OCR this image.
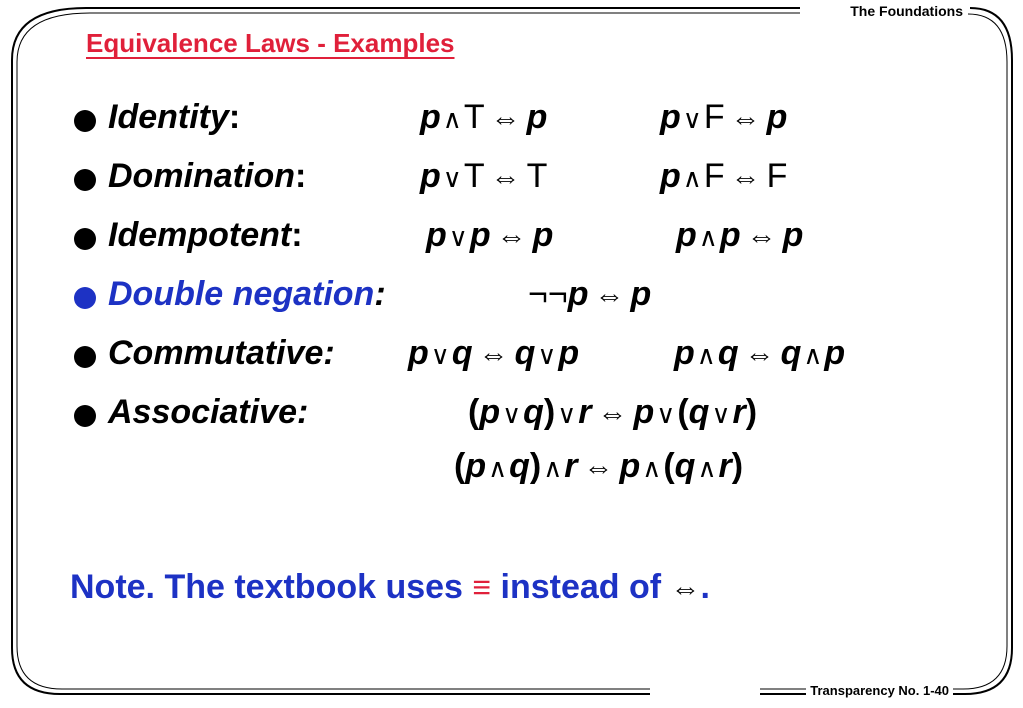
The Foundations
Equivalence Laws - Examples
Identity:	p∧T ⇔ p	p∨F ⇔ p
Domination:	p∨T ⇔ T	p∧F ⇔ F
Idempotent:	p∨p ⇔ p	p∧p ⇔ p
Double negation:	¬¬p ⇔ p
Commutative: p∨q ⇔ q∨p	p∧q ⇔ q∧p
Associative:	(p∨q)∨r ⇔ p∨(q∨r)
(p∧q)∧r ⇔ p∧(q∧r)
Note. The textbook uses ≡ instead of ⇔.
Transparency No. 1-40
